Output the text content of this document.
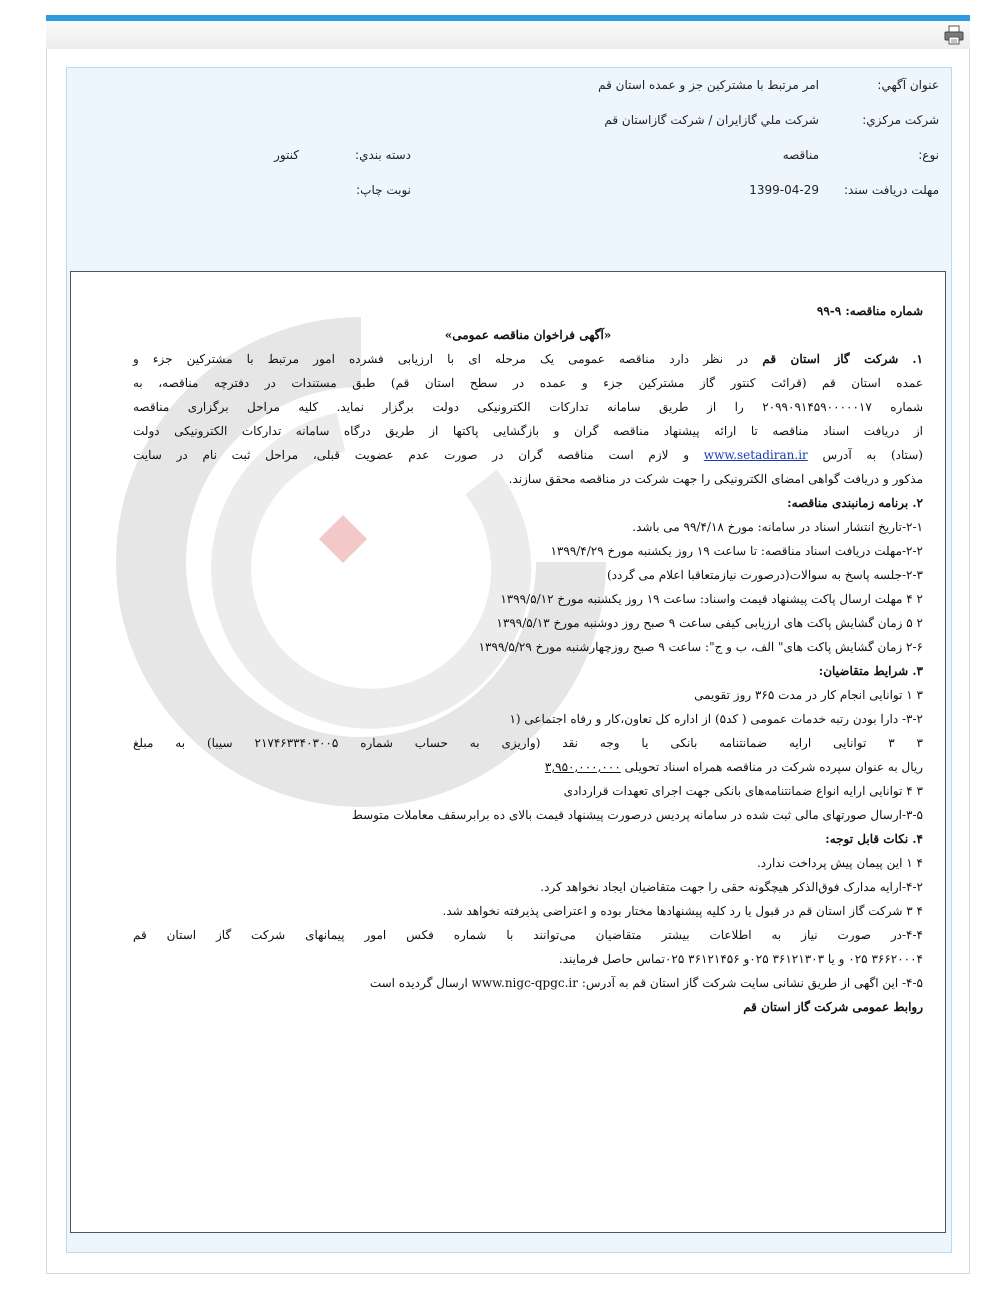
عنوان آگهي:
امر مرتبط با مشترکین جز و عمده استان قم
شرکت مرکزي:
شرکت ملي گازايران / شرکت گازاستان قم
نوع:
مناقصه
دسته بندي:
کنتور
مهلت دريافت سند:
1399-04-29
نوبت چاپ:
شماره مناقصه: ۹-۹۹
«آگهی فراخوان مناقصه عمومی»
۱. شرکت گاز استان قم در نظر دارد مناقصه عمومی یک مرحله ای با ارزیابی فشرده امور مرتبط با مشترکین جزء و
عمده استان قم (قرائت کنتور گاز مشترکین جزء و عمده در سطح استان قم) طبق مستندات در دفترچه مناقصه، به
شماره ۲۰۹۹۰۹۱۴۵۹۰۰۰۰۰۱۷ را از طریق سامانه تدارکات الکترونیکی دولت برگزار نماید. کلیه مراحل برگزاری مناقصه
از دریافت اسناد مناقصه تا ارائه پیشنهاد مناقصه گران و بازگشایی پاکتها از طریق درگاه سامانه تدارکات الکترونیکی دولت
(ستاد) به آدرس www.setadiran.ir و لازم است مناقصه گران در صورت عدم عضویت قبلی، مراحل ثبت نام در سایت
مذکور و دریافت گواهی امضای الکترونیکی را جهت شرکت در مناقصه محقق سازند.
۲. برنامه زمانبندی مناقصه:
۲-۱-تاریخ انتشار اسناد در سامانه: مورخ ۹۹/۴/۱۸ می باشد.
۲-۲-مهلت دریافت اسناد مناقصه: تا ساعت ۱۹ روز یکشنبه مورخ ۱۳۹۹/۴/۲۹
۲-۳-جلسه پاسخ به سوالات(درصورت نیازمتعاقبا اعلام می گردد)
۲ ۴ مهلت ارسال پاکت پیشنهاد قیمت واسناد: ساعت ۱۹ روز یکشنبه مورخ ۱۳۹۹/۵/۱۲
۲ ۵ زمان گشایش پاکت های ارزیابی کیفی ساعت ۹ صبح روز دوشنبه مورخ ۱۳۹۹/۵/۱۳
۲-۶ زمان گشایش پاکت های" الف، ب و ج": ساعت ۹ صبح روزچهارشنبه مورخ ۱۳۹۹/۵/۲۹
۳. شرایط متقاضیان:
۳ ۱ توانایی انجام کار در مدت ۳۶۵ روز تقویمی
۳-۲- دارا بودن رتبه خدمات عمومی ( کد۵) از اداره کل تعاون،کار و رفاه اجتماعی (۱
۳ ۳ توانایی ارایه ضمانتنامه بانکی یا وجه نقد (واریزی به حساب شماره ۲۱۷۴۶۳۳۴۰۳۰۰۵ سیبا) به مبلغ
ریال به عنوان سپرده شرکت در مناقصه همراه اسناد تحویلی ۳,۹۵۰,۰۰۰,۰۰۰
۳ ۴ توانایی ارایه انواع ضمانتنامه‌های بانکی جهت اجرای تعهدات قراردادی
۳-۵-ارسال صورتهای مالی ثبت شده در سامانه پردیس درصورت پیشنهاد قیمت بالای ده برابرسقف معاملات متوسط
۴. نکات قابل توجه:
۴ ۱ این پیمان پیش پرداخت ندارد.
۴-۲-ارایه مدارک فوق‌الذکر هیچگونه حقی را جهت متقاضیان ایجاد نخواهد کرد.
۴ ۳ شرکت گاز استان قم در قبول یا رد کلیه پیشنهادها مختار بوده و اعتراضی پذیرفته نخواهد شد.
۴-۴-در صورت نیاز به اطلاعات بیشتر متقاضیان می‌توانند با شماره فکس امور پیمانهای شرکت گاز استان قم
۳۶۶۲۰۰۰۴ ۰۲۵ و یا ۳۶۱۲۱۳۰۳ ۰۲۵و ۳۶۱۲۱۴۵۶ ۰۲۵تماس حاصل فرمایند.
۴-۵- این اگهی از طریق نشانی سایت شرکت گاز استان قم به آدرس: www.nigc-qpgc.ir ارسال گردیده است
روابط عمومی شرکت گاز استان قم
